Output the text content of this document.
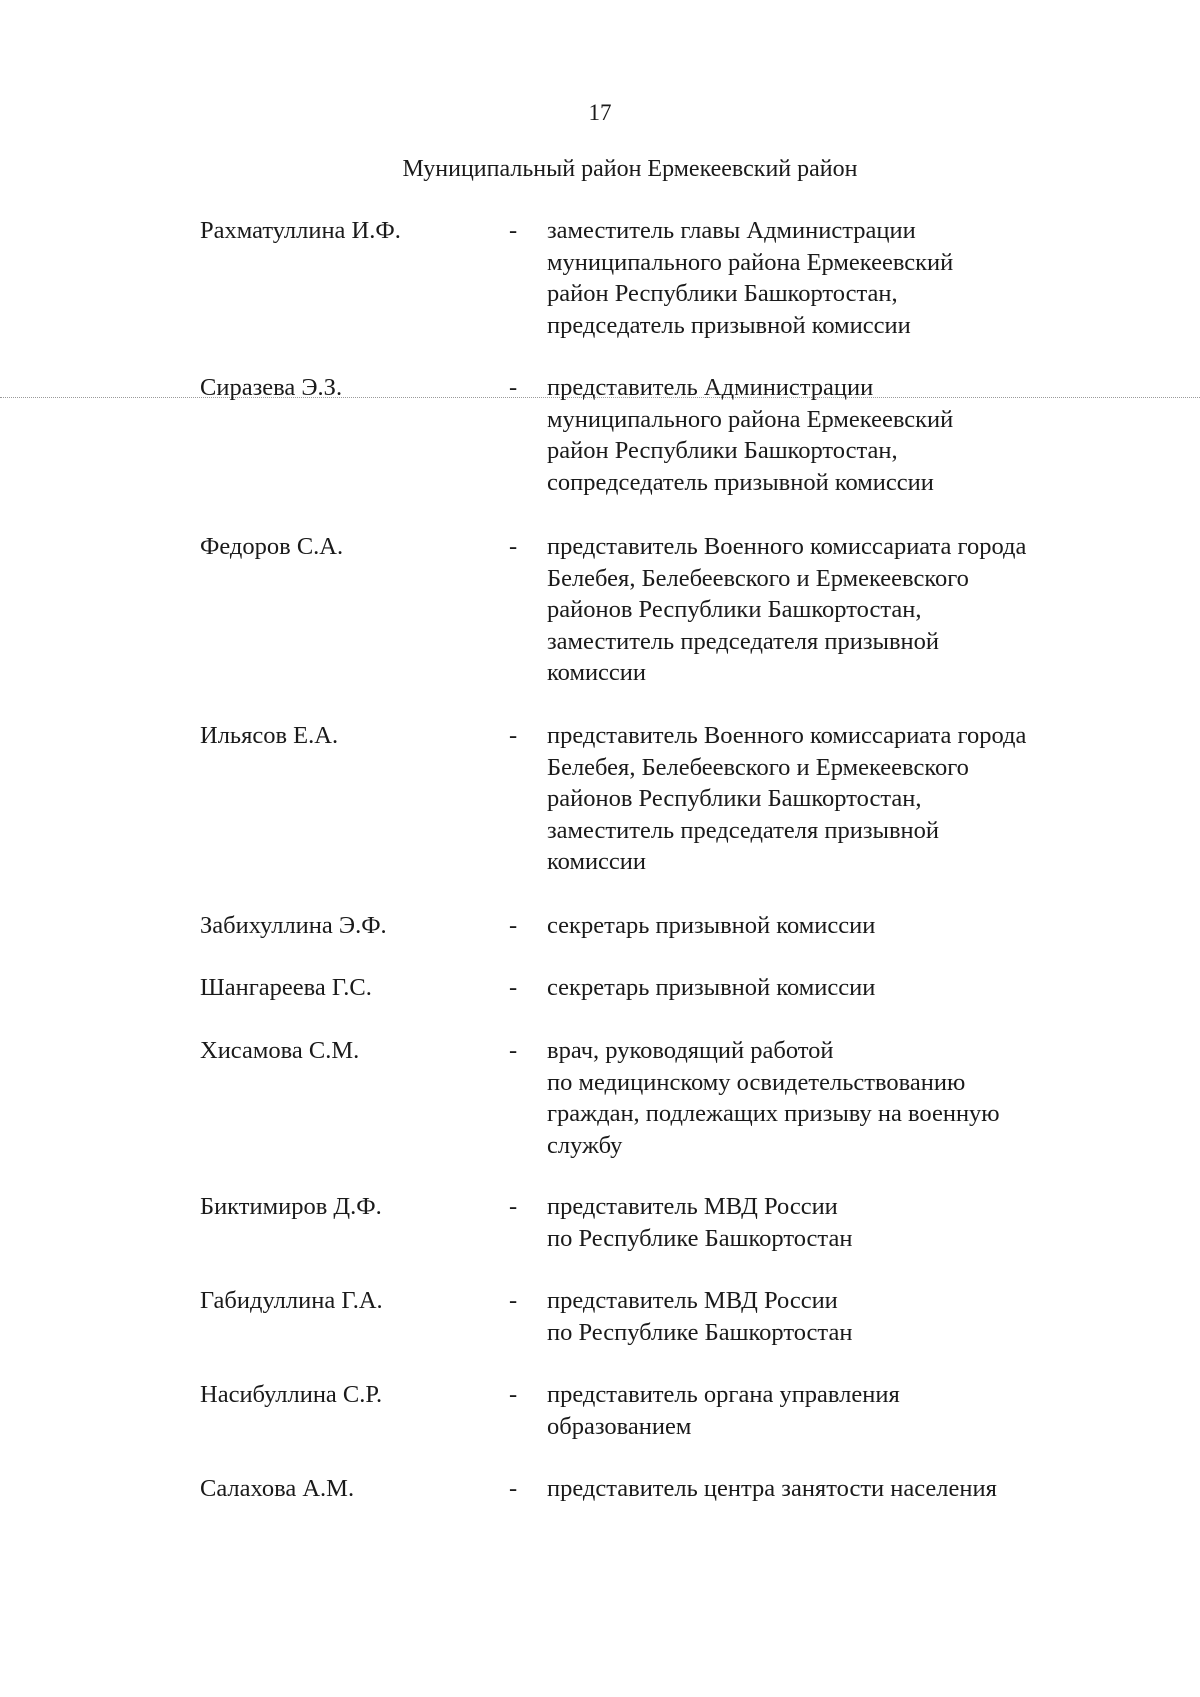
17
Муниципальный район Ермекеевский район
Рахматуллина И.Ф.	- заместитель главы Администрации
муниципального района Ермекеевский
район Республики Башкортостан,
председатель призывной комиссии
Сиразева Э.З.	- представитель Администрации
муниципального района Ермекеевский
район Республики Башкортостан,
сопредседатель призывной комиссии
Федоров С.А.	- представитель Военного комиссариата города
Белебея, Белебеевского и Ермекеевского
районов Республики Башкортостан,
заместитель председателя призывной
комиссии
Ильясов Е.А.	- представитель Военного комиссариата города
Белебея, Белебеевского и Ермекеевского
районов Республики Башкортостан,
заместитель председателя призывной
комиссии
Забихуллина Э.Ф.	- секретарь призывной комиссии
Шангареева Г.С.	- секретарь призывной комиссии
Хисамова С.М.	- врач, руководящий работой
по медицинскому освидетельствованию
граждан, подлежащих призыву на военную
службу
Биктимиров Д.Ф.	- представитель МВД России
по Республике Башкортостан
Габидуллина Г.А.	- представитель МВД России
по Республике Башкортостан
Насибуллина С.Р.	- представитель органа управления
образованием
Салахова А.М.	- представитель центра занятости населения
